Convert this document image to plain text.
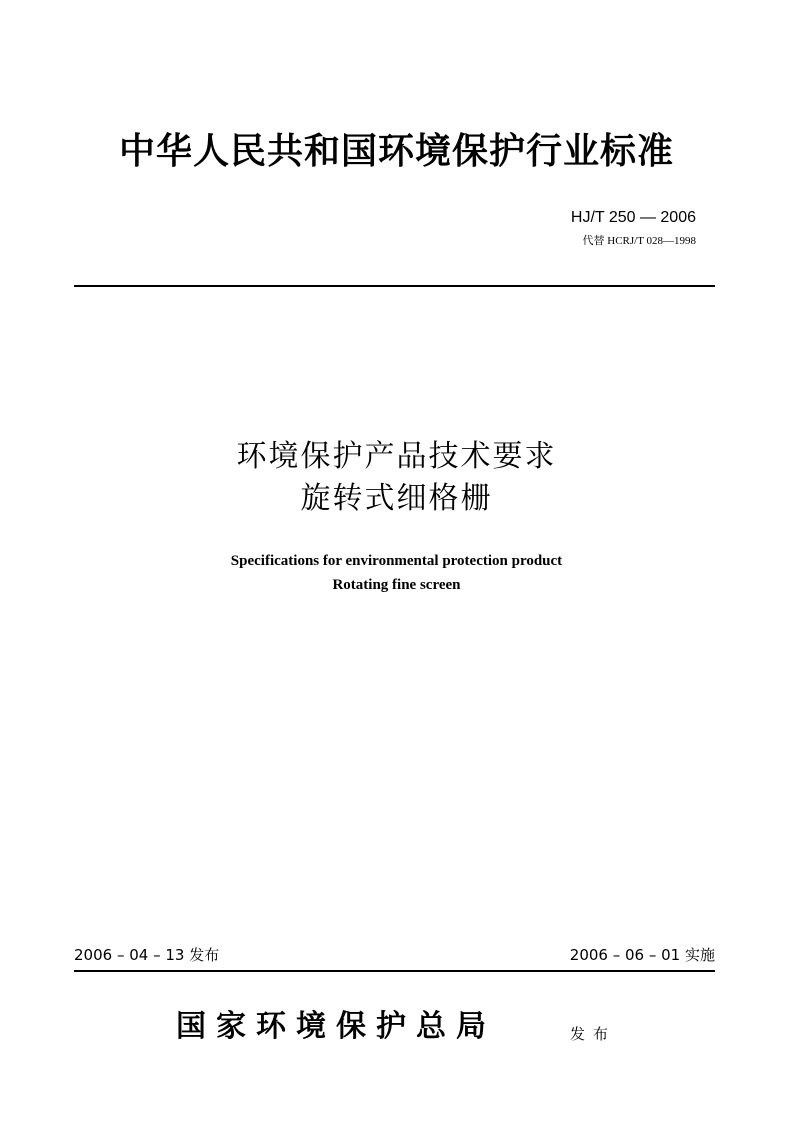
中华人民共和国环境保护行业标准
HJ/T 250 — 2006
代替 HCRJ/T 028—1998
环境保护产品技术要求
旋转式细格栅
Specifications for environmental protection product
Rotating fine screen
2006 – 04 – 13 发布	2006 – 06 – 01 实施
国家环境保护总局	发布
